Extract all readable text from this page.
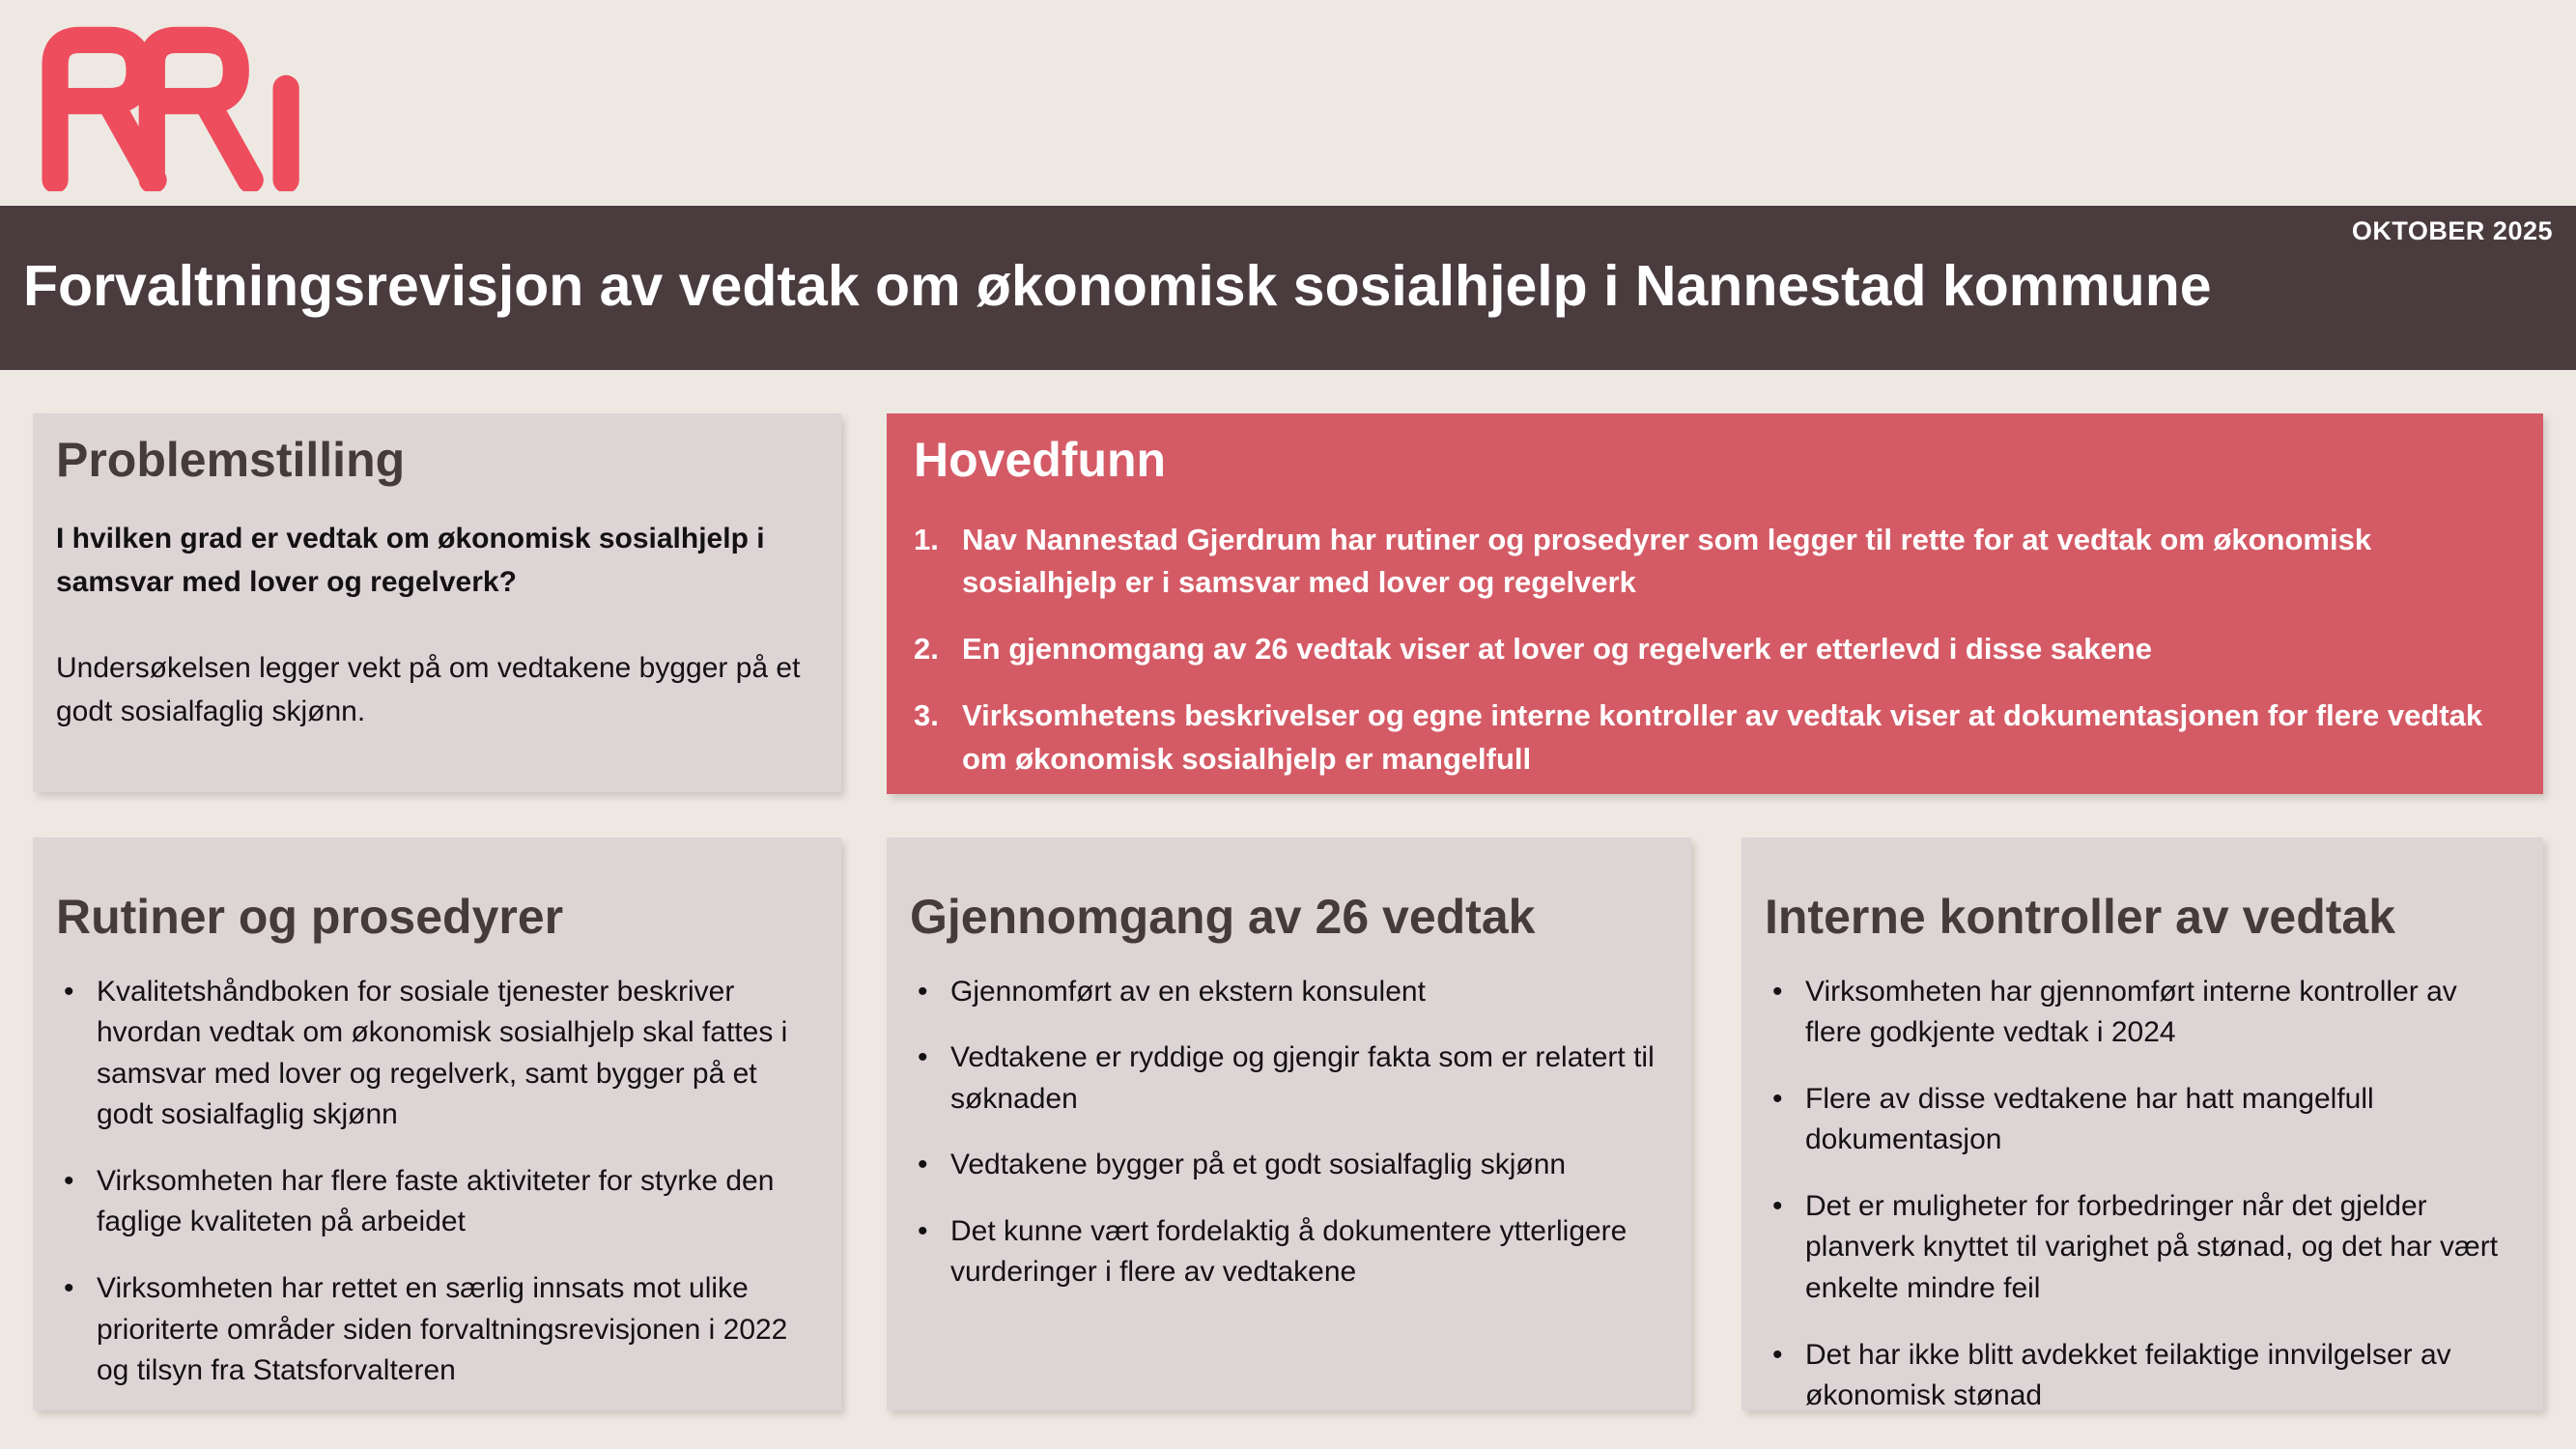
OKTOBER 2025
Forvaltningsrevisjon av vedtak om økonomisk sosialhjelp i Nannestad kommune
Problemstilling
I hvilken grad er vedtak om økonomisk sosialhjelp i samsvar med lover og regelverk?
Undersøkelsen legger vekt på om vedtakene bygger på et godt sosialfaglig skjønn.
Hovedfunn
1. Nav Nannestad Gjerdrum har rutiner og prosedyrer som legger til rette for at vedtak om økonomisk sosialhjelp er i samsvar med lover og regelverk
2. En gjennomgang av 26 vedtak viser at lover og regelverk er etterlevd i disse sakene
3. Virksomhetens beskrivelser og egne interne kontroller av vedtak viser at dokumentasjonen for flere vedtak om økonomisk sosialhjelp er mangelfull
Rutiner og prosedyrer
• Kvalitetshåndboken for sosiale tjenester beskriver hvordan vedtak om økonomisk sosialhjelp skal fattes i samsvar med lover og regelverk, samt bygger på et godt sosialfaglig skjønn
• Virksomheten har flere faste aktiviteter for styrke den faglige kvaliteten på arbeidet
• Virksomheten har rettet en særlig innsats mot ulike prioriterte områder siden forvaltningsrevisjonen i 2022 og tilsyn fra Statsforvalteren
Gjennomgang av 26 vedtak
• Gjennomført av en ekstern konsulent
• Vedtakene er ryddige og gjengir fakta som er relatert til søknaden
• Vedtakene bygger på et godt sosialfaglig skjønn
• Det kunne vært fordelaktig å dokumentere ytterligere vurderinger i flere av vedtakene
Interne kontroller av vedtak
• Virksomheten har gjennomført interne kontroller av flere godkjente vedtak i 2024
• Flere av disse vedtakene har hatt mangelfull dokumentasjon
• Det er muligheter for forbedringer når det gjelder planverk knyttet til varighet på stønad, og det har vært enkelte mindre feil
• Det har ikke blitt avdekket feilaktige innvilgelser av økonomisk stønad
